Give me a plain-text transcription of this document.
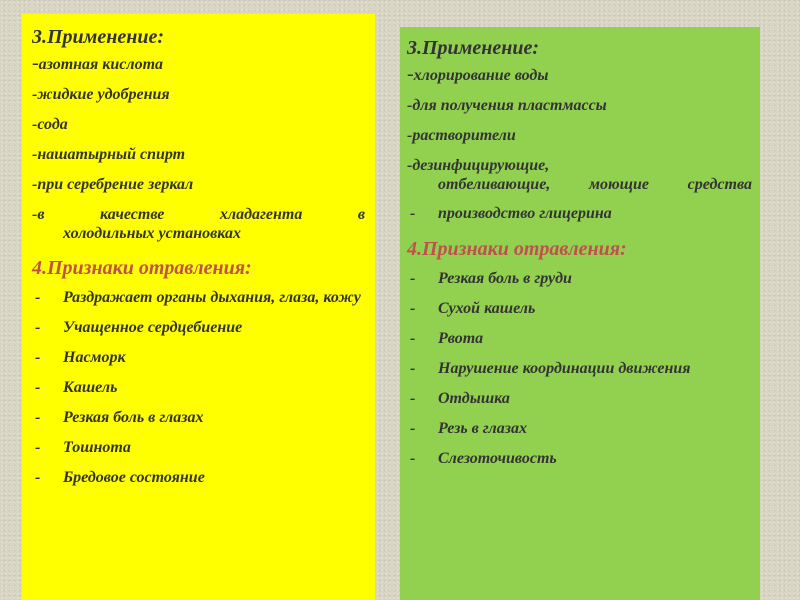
3.Применение:

-азотная кислота

-жидкие удобрения

-сода

-нашатырный спирт

-при серебрение зеркал

-в качестве хладагента в
холодильных установках

4.Признаки отравления:

- Раздражает органы дыхания, глаза, кожу

- Учащенное сердцебиение

- Насморк

- Кашель

- Резкая боль в глазах

- Тошнота

- Бредовое состояние

3.Применение:

-хлорирование воды

-для получения пластмассы

-растворители

-дезинфицирующие,
отбеливающие, моющие средства

- производство глицерина

4.Признаки отравления:

- Резкая боль в груди

- Сухой кашель

- Рвота

- Нарушение координации движения

- Отдышка

- Резь в глазах

- Слезоточивость
